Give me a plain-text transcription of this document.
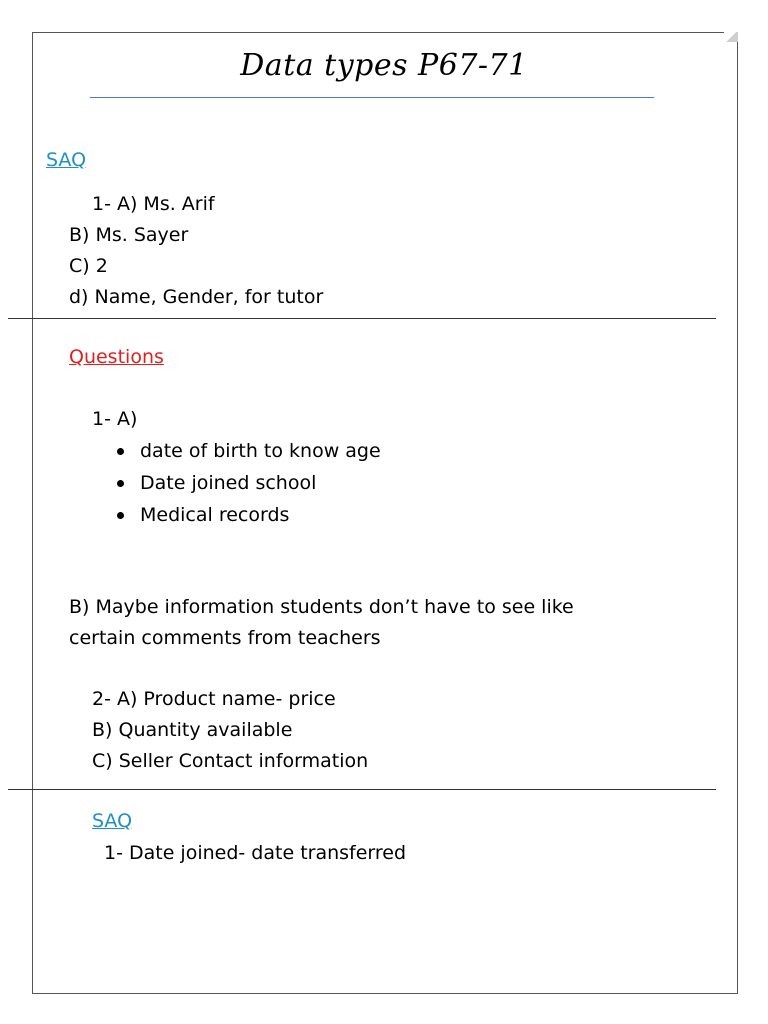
Data types P67-71
SAQ
1- A) Ms. Arif
B) Ms. Sayer
C) 2
d) Name, Gender, for tutor
Questions
1- A)
date of birth to know age
Date joined school
Medical records
B) Maybe information students don’t have to see like
certain comments from teachers
2- A) Product name- price
B) Quantity available
C) Seller Contact information
SAQ
1- Date joined- date transferred
